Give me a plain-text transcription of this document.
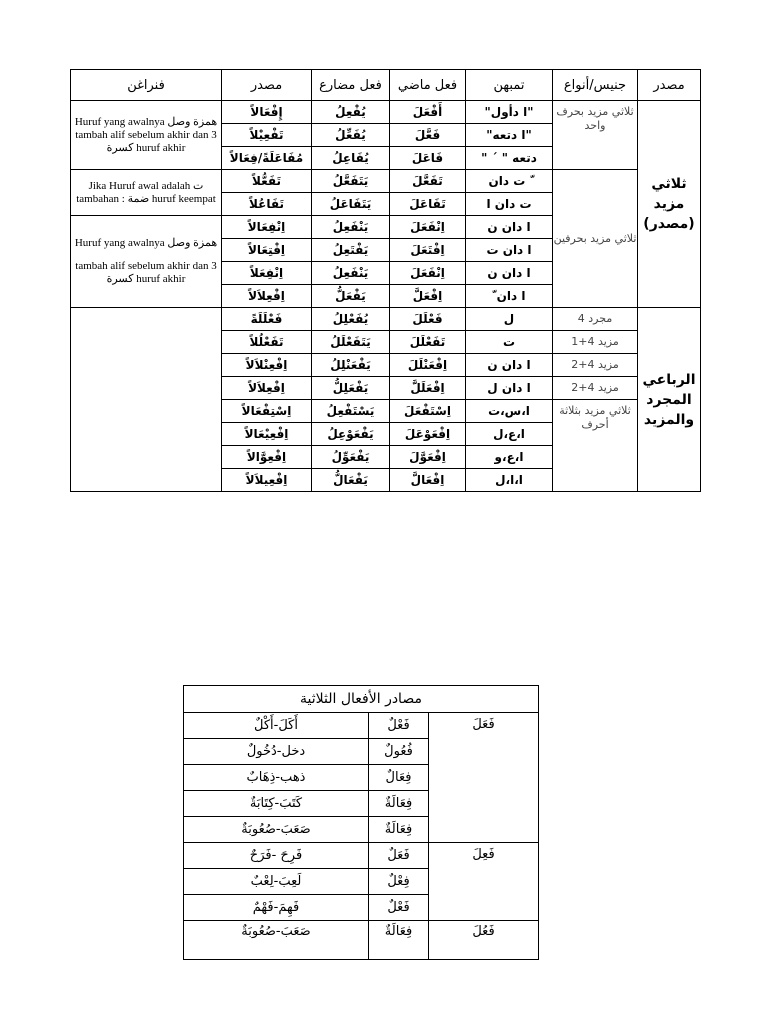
فنراغن	مصدر	فعل مضارع	فعل ماضي	تمبهن	جنيس/أنواع	مصدر

Huruf yang awalnya همزة وصل
tambah alif sebelum akhir dan 3 كسرة huruf akhir	إِفْعَالاً	يُفْعِلُ	أَفْعَلَ	"ا دأول"	ثلاثي مزيد بحرف واحد	ثلاثي مزيد (مصدر)
	تَفْعِيْلاً	يُفَعِّلُ	فَعَّلَ	"ا دتعه"		
	مُفَاعَلَةً/فِعَالاً	يُفَاعِلُ	فَاعَلَ	دتعه " ´ "		

Jika Huruf awal adalah ت tambahan : ضمة huruf keempat	تَفَعُّلاً	يَتَفَعَّلُ	تَفَعَّلَ	ّ ت دان	ثلاثي مزيد بحرفين	
	تَفَاعُلاً	يَتَفَاعَلُ	تَفَاعَلَ	ت دان ا		

Huruf yang awalnya همزة وصل
tambah alif sebelum akhir dan 3 كسرة huruf akhir	اِنْفِعَالاً	يَنْفَعِلُ	اِنْفَعَلَ	ا دان ن		
	اِفْتِعَالاً	يَفْتَعِلُ	اِفْتَعَلَ	ا دان ت		
	اِنْفِعَلاً	يَنْفَعِلُ	اِنْفَعَلَ	ا دان ن		
	اِفْعِلاَلاً	يَفْعَلُّ	اِفْعَلَّ	ا دان ّ		
	فَعْلَلَةً	يُفَعْلِلُ	فَعْلَلَ	ل	مجرد 4	الرباعي المجرد والمزيد
	تَفَعْلُلاً	يَتَفَعْلَلُ	تَفَعْلَلَ	ت	مزيد 4+1	
	اِفْعِنْلاَلاً	يَفْعَنْلِلُ	اِفْعَنْلَلَ	ا دان ن	مزيد 4+2	
	اِفْعِلاَلاً	يَفْعَلِلُّ	اِفْعَلَلَّ	ا دان ل	مزيد 4+2	
	اِسْتِفْعَالاً	يَسْتَفْعِلُ	اِسْتَفْعَلَ	ا،س،ت	ثلاثي مزيد بثلاثة أحرف	
	اِفْعِيْعَالاً	يَفْعَوْعِلُ	اِفْعَوْعَلَ	ا،ع،ل		
	اِفْعِوَّالاً	يَفْعَوِّلُ	اِفْعَوَّلَ	ا،ع،و		
	اِفْعِيلاَلاً	يَفْعَالُّ	اِفْعَالَّ	ا،ا،ل		
مصادر الأفعال الثلاثية		
أَكَلَ-أَكْلٌ	فَعْلٌ	فَعَلَ
دخل-دُخُولٌ	فُعُولٌ	
ذهب-ذِهَابٌ	فِعَالٌ	
كَتَبَ-كِتَابَةٌ	فِعَالَةٌ	
صَعَبَ-صُعُوبَةٌ	فِعَالَةٌ	
فَرِحَ -فَرَحٌ	فَعَلٌ	فَعِلَ
لَعِبَ-لِعْبٌ	فِعْلٌ	
فَهِمَ-فَهْمٌ	فَعْلٌ	
صَعَبَ-صُعُوبَةٌ	فِعَالَةٌ	فَعُلَ
